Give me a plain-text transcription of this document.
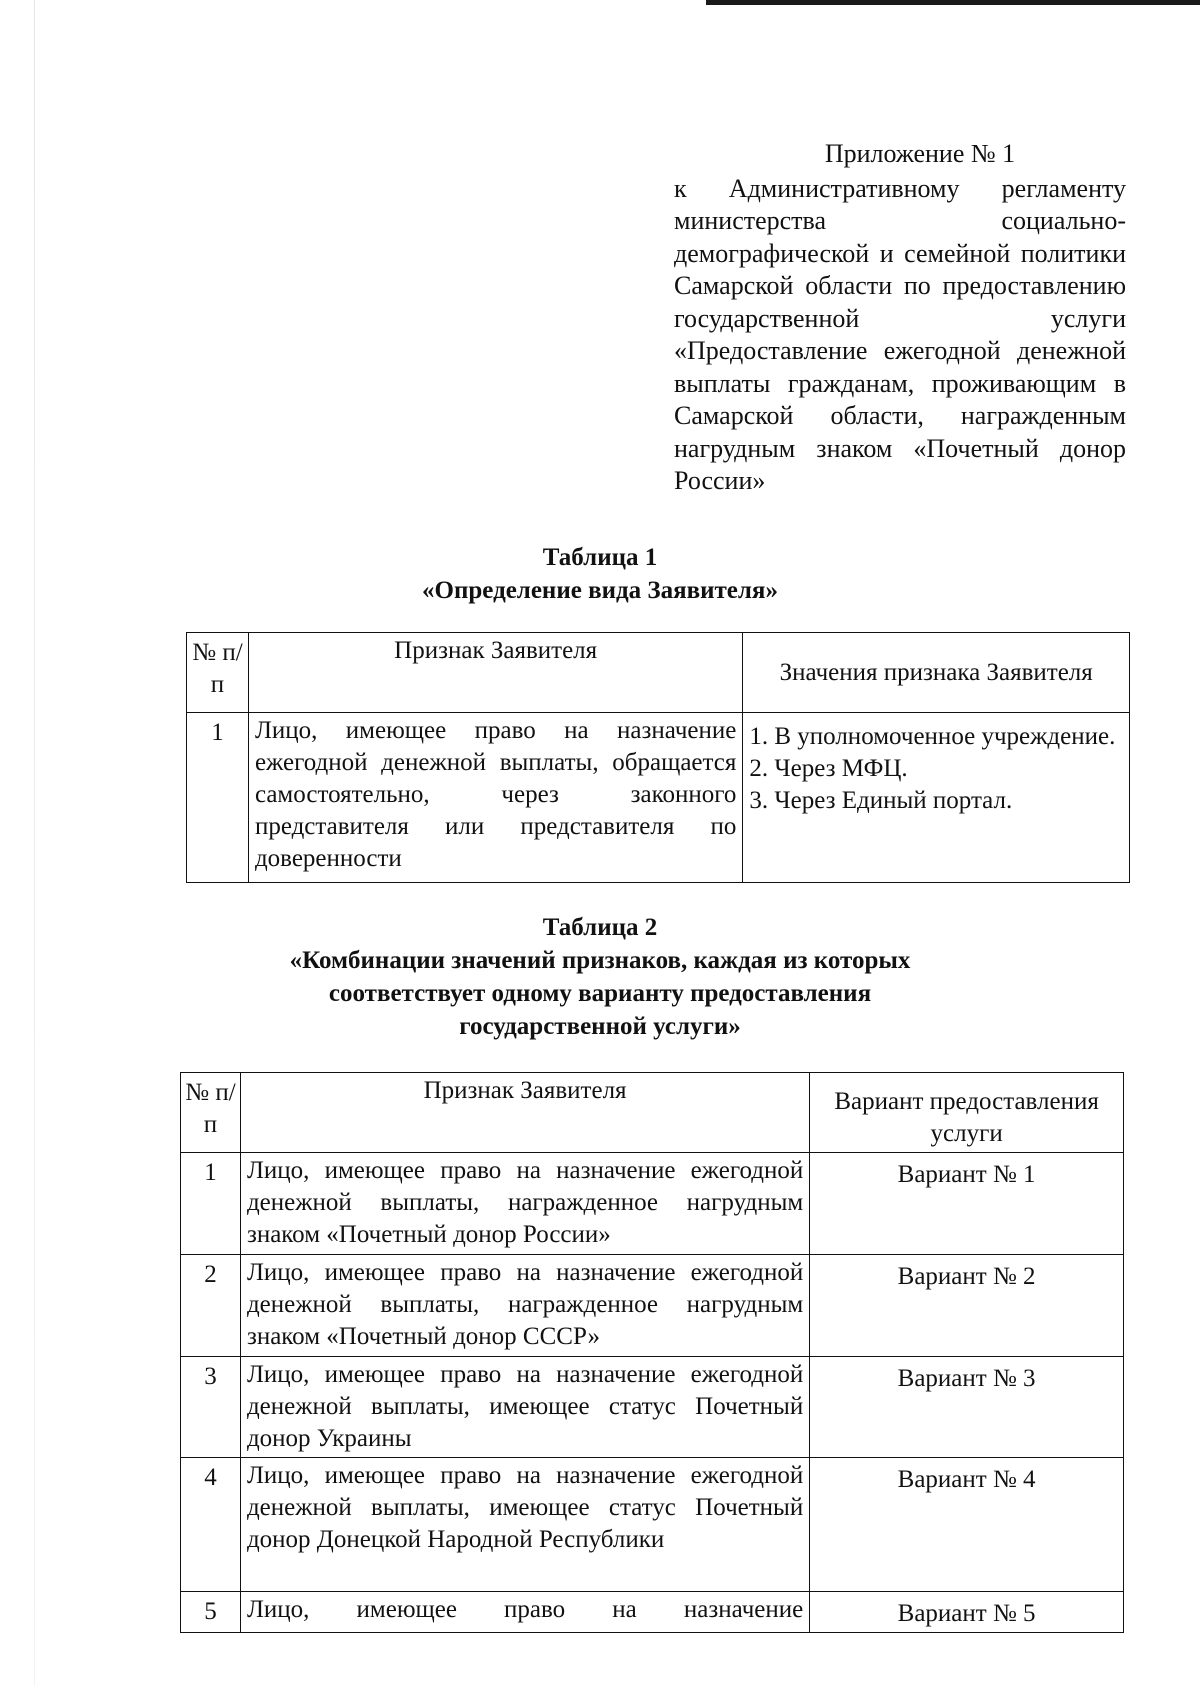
Приложение № 1

к Административному регламенту министерства социально-демографической и семейной политики Самарской области по предоставлению государственной услуги «Предоставление ежегодной денежной выплаты гражданам, проживающим в Самарской области, награжденным нагрудным знаком «Почетный донор России»

Таблица 1
«Определение вида Заявителя»
№ п/п	Признак Заявителя	Значения признака Заявителя
1	Лицо, имеющее право на назначение ежегодной денежной выплаты, обращается самостоятельно, через законного представителя или представителя по доверенности	1. В уполномоченное учреждение.
2. Через МФЦ.
3. Через Единый портал.
Таблица 2
«Комбинации значений признаков, каждая из которых
соответствует одному варианту предоставления
государственной услуги»
№ п/п	Признак Заявителя	Вариант предоставления услуги
1	Лицо, имеющее право на назначение ежегодной денежной выплаты, награжденное нагрудным знаком «Почетный донор России»	Вариант № 1
2	Лицо, имеющее право на назначение ежегодной денежной выплаты, награжденное нагрудным знаком «Почетный донор СССР»	Вариант № 2
3	Лицо, имеющее право на назначение ежегодной денежной выплаты, имеющее статус Почетный донор Украины	Вариант № 3
4	Лицо, имеющее право на назначение ежегодной денежной выплаты, имеющее статус Почетный донор Донецкой Народной Республики	Вариант № 4
5	Лицо, имеющее право на назначение	Вариант № 5
